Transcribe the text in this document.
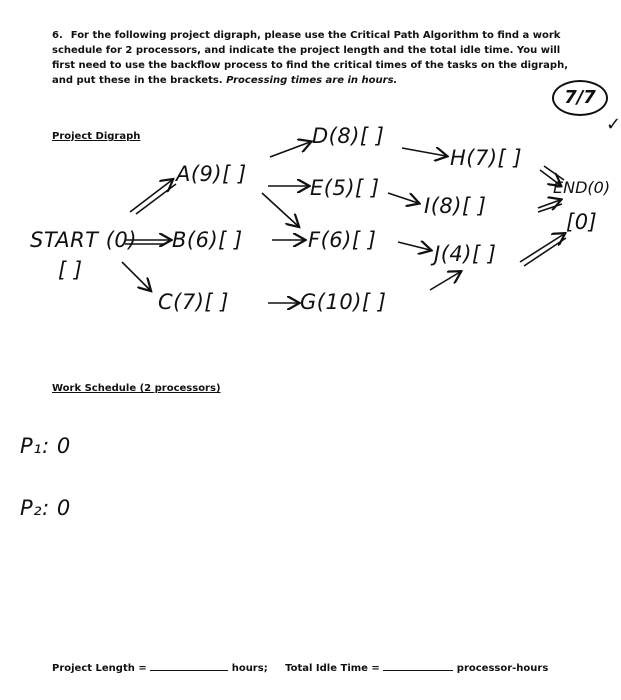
6. For the following project digraph, please use the Critical Path Algorithm to find a work schedule for 2 processors, and indicate the project length and the total idle time. You will first need to use the backflow process to find the critical times of the tasks on the digraph, and put these in the brackets. Processing times are in hours.
7/7
✓
Project Digraph
START (0)
[ ]
A(9)[ ]
B(6)[ ]
C(7)[ ]
D(8)[ ]
E(5)[ ]
F(6)[ ]
G(10)[ ]
H(7)[ ]
I(8)[ ]
J(4)[ ]
END(0)
[0]
Work Schedule (2 processors)
P₁: 0
P₂: 0
Project Length =	hours; Total Idle Time =	processor-hours
